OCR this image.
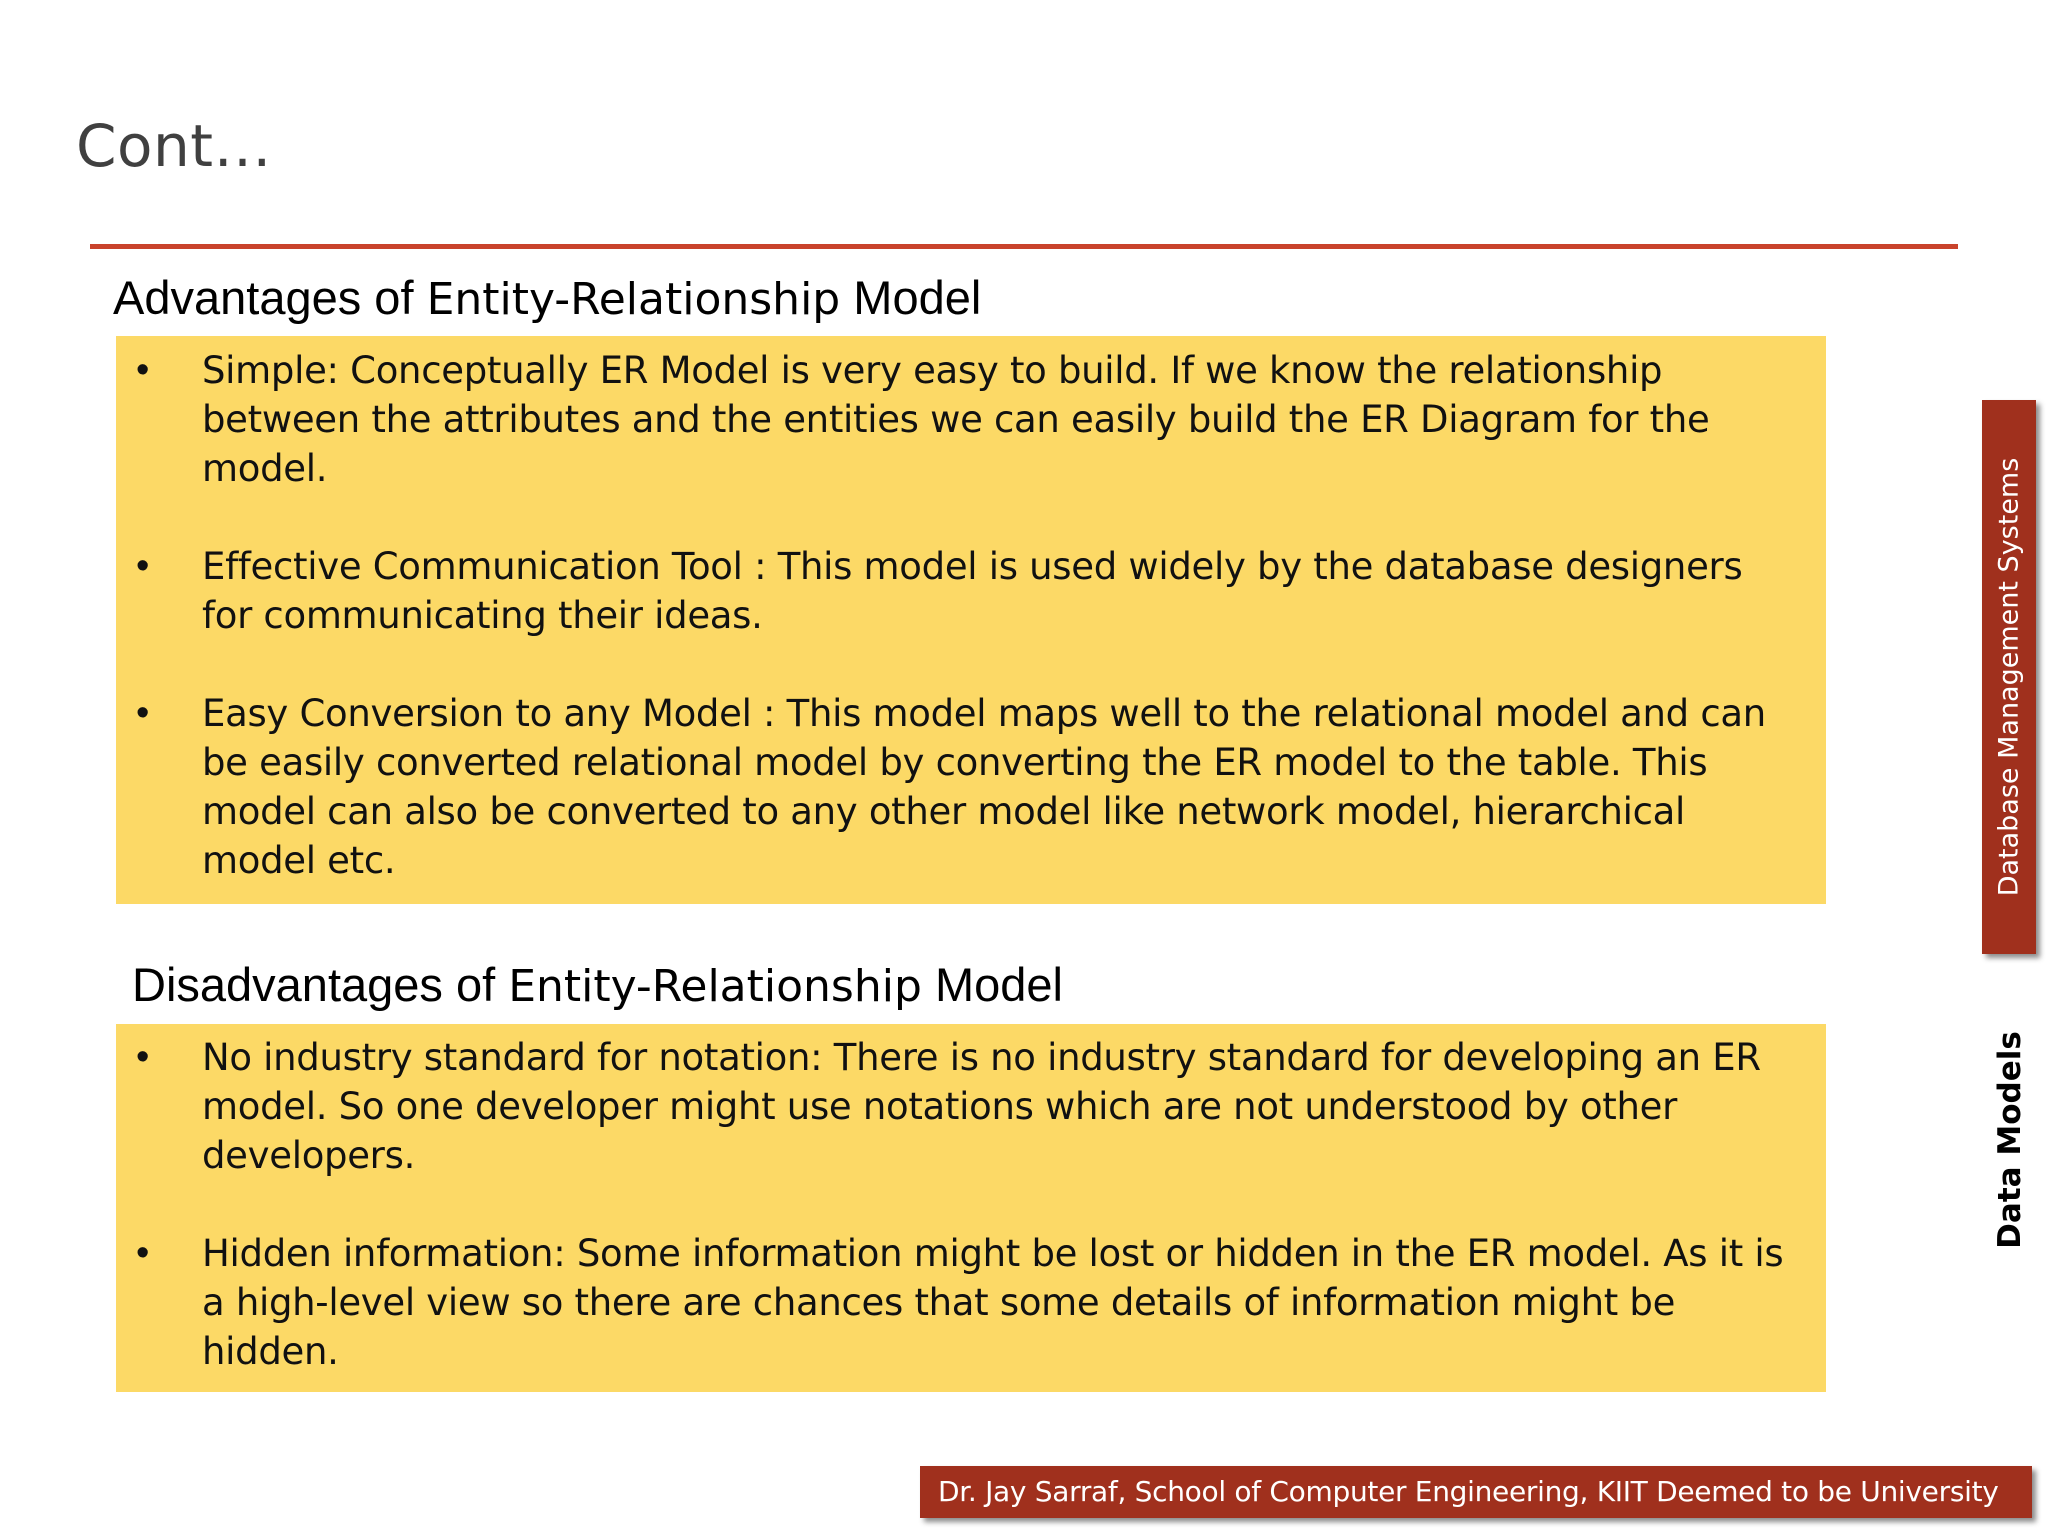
Cont…
Advantages of Entity-Relationship Model
• Simple: Conceptually ER Model is very easy to build. If we know the relationship between the attributes and the entities we can easily build the ER Diagram for the model.
• Effective Communication Tool : This model is used widely by the database designers for communicating their ideas.
• Easy Conversion to any Model : This model maps well to the relational model and can be easily converted relational model by converting the ER model to the table. This model can also be converted to any other model like network model, hierarchical model etc.
Disadvantages of Entity-Relationship Model
• No industry standard for notation: There is no industry standard for developing an ER model. So one developer might use notations which are not understood by other developers.
• Hidden information: Some information might be lost or hidden in the ER model. As it is a high-level view so there are chances that some details of information might be hidden.
Database Management Systems
Data Models
Dr. Jay Sarraf, School of Computer Engineering, KIIT Deemed to be University
